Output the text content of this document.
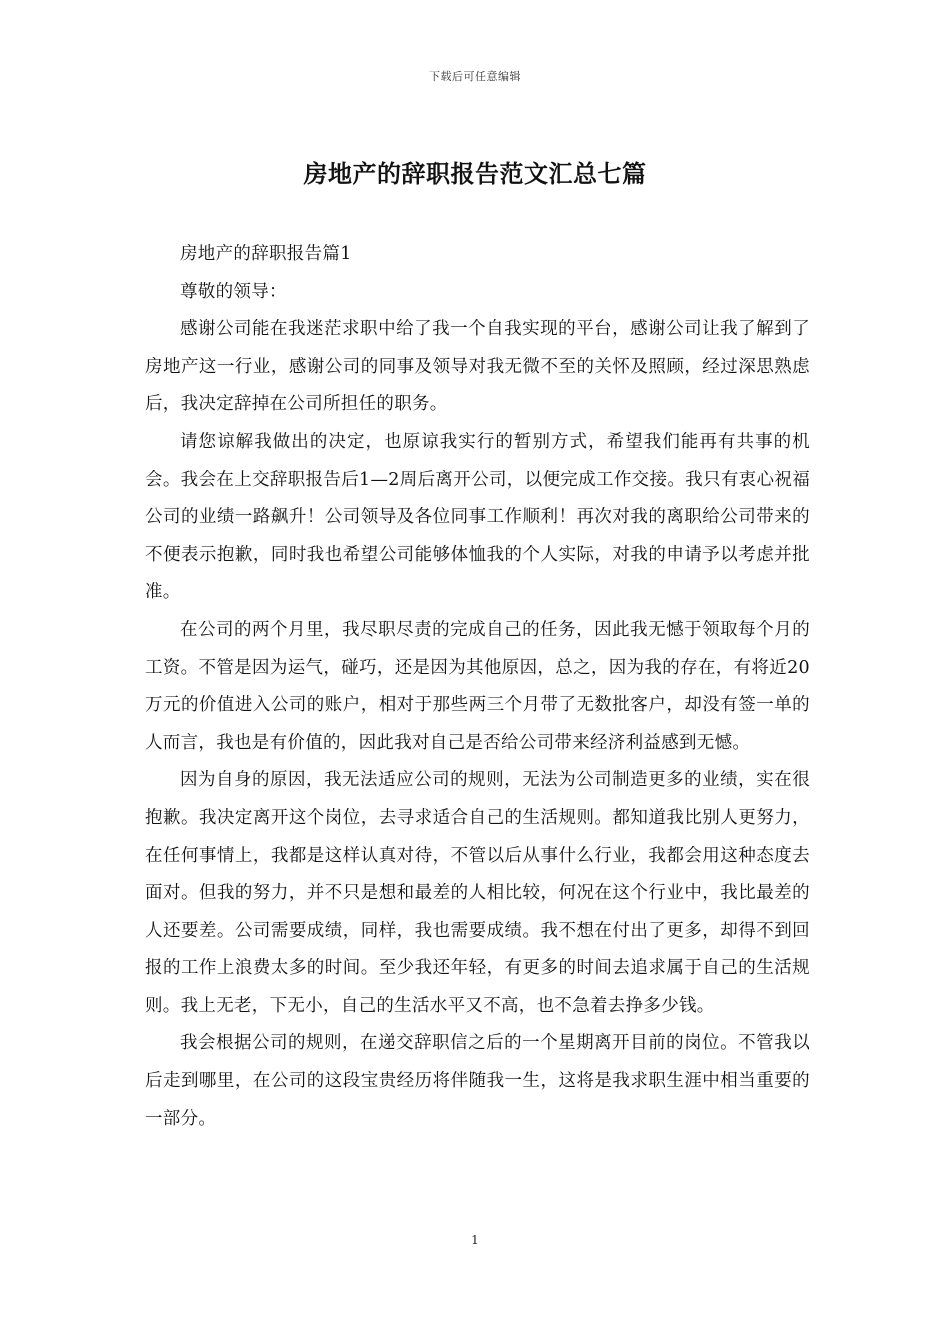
下载后可任意编辑
房地产的辞职报告范文汇总七篇

房地产的辞职报告篇1

尊敬的领导：

感谢公司能在我迷茫求职中给了我一个自我实现的平台，感谢公司让我了解到了房地产这一行业，感谢公司的同事及领导对我无微不至的关怀及照顾，经过深思熟虑后，我决定辞掉在公司所担任的职务。

请您谅解我做出的决定，也原谅我实行的暂别方式，希望我们能再有共事的机会。我会在上交辞职报告后1—2周后离开公司，以便完成工作交接。我只有衷心祝福公司的业绩一路飙升！公司领导及各位同事工作顺利！再次对我的离职给公司带来的不便表示抱歉，同时我也希望公司能够体恤我的个人实际，对我的申请予以考虑并批准。

在公司的两个月里，我尽职尽责的完成自己的任务，因此我无憾于领取每个月的工资。不管是因为运气，碰巧，还是因为其他原因，总之，因为我的存在，有将近20万元的价值进入公司的账户，相对于那些两三个月带了无数批客户，却没有签一单的人而言，我也是有价值的，因此我对自己是否给公司带来经济利益感到无憾。

因为自身的原因，我无法适应公司的规则，无法为公司制造更多的业绩，实在很抱歉。我决定离开这个岗位，去寻求适合自己的生活规则。都知道我比别人更努力，在任何事情上，我都是这样认真对待，不管以后从事什么行业，我都会用这种态度去面对。但我的努力，并不只是想和最差的人相比较，何况在这个行业中，我比最差的人还要差。公司需要成绩，同样，我也需要成绩。我不想在付出了更多，却得不到回报的工作上浪费太多的时间。至少我还年轻，有更多的时间去追求属于自己的生活规则。我上无老，下无小，自己的生活水平又不高，也不急着去挣多少钱。

我会根据公司的规则，在递交辞职信之后的一个星期离开目前的岗位。不管我以后走到哪里，在公司的这段宝贵经历将伴随我一生，这将是我求职生涯中相当重要的一部分。

1
